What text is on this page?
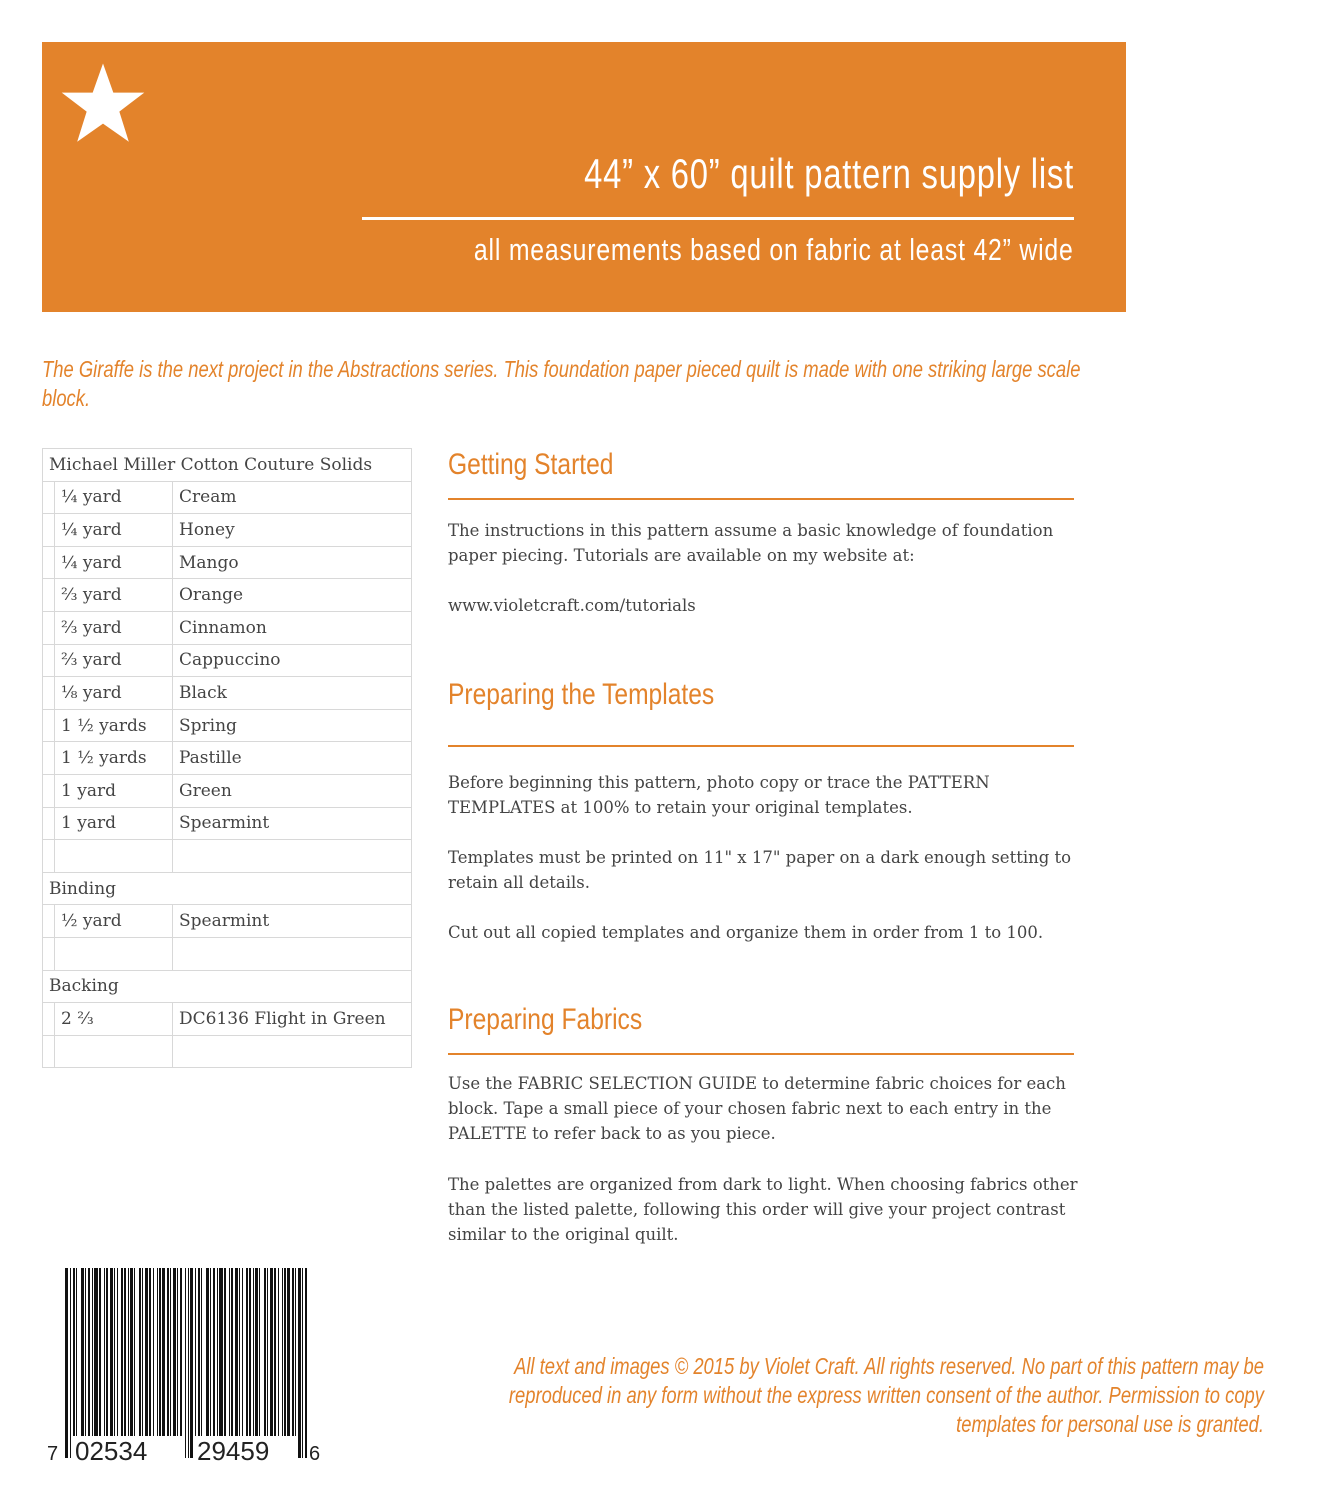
44” x 60” quilt pattern supply list
all measurements based on fabric at least 42” wide
The Giraffe is the next project in the Abstractions series. This foundation paper pieced quilt is made with one striking large scale block.
Michael Miller Cotton Couture Solids		
	¼ yard	Cream
	¼ yard	Honey
	¼ yard	Mango
	⅔ yard	Orange
	⅔ yard	Cinnamon
	⅔ yard	Cappuccino
	⅛ yard	Black
	1 ½ yards	Spring
	1 ½ yards	Pastille
	1 yard	Green
	1 yard	Spearmint

Binding		
	½ yard	Spearmint

Backing		
	2 ⅔	DC6136 Flight in Green

Getting Started
The instructions in this pattern assume a basic knowledge of foundation paper piecing. Tutorials are available on my website at:
www.violetcraft.com/tutorials
Preparing the Templates
Before beginning this pattern, photo copy or trace the PATTERN TEMPLATES at 100% to retain your original templates.
Templates must be printed on 11" x 17" paper on a dark enough setting to retain all details.
Cut out all copied templates and organize them in order from 1 to 100.
Preparing Fabrics
Use the FABRIC SELECTION GUIDE to determine fabric choices for each block. Tape a small piece of your chosen fabric next to each entry in the PALETTE to refer back to as you piece.
The palettes are organized from dark to light. When choosing fabrics other than the listed palette, following this order will give your project contrast similar to the original quilt.
7 02534 29459 6
All text and images © 2015 by Violet Craft. All rights reserved. No part of this pattern may be reproduced in any form without the express written consent of the author. Permission to copy templates for personal use is granted.
